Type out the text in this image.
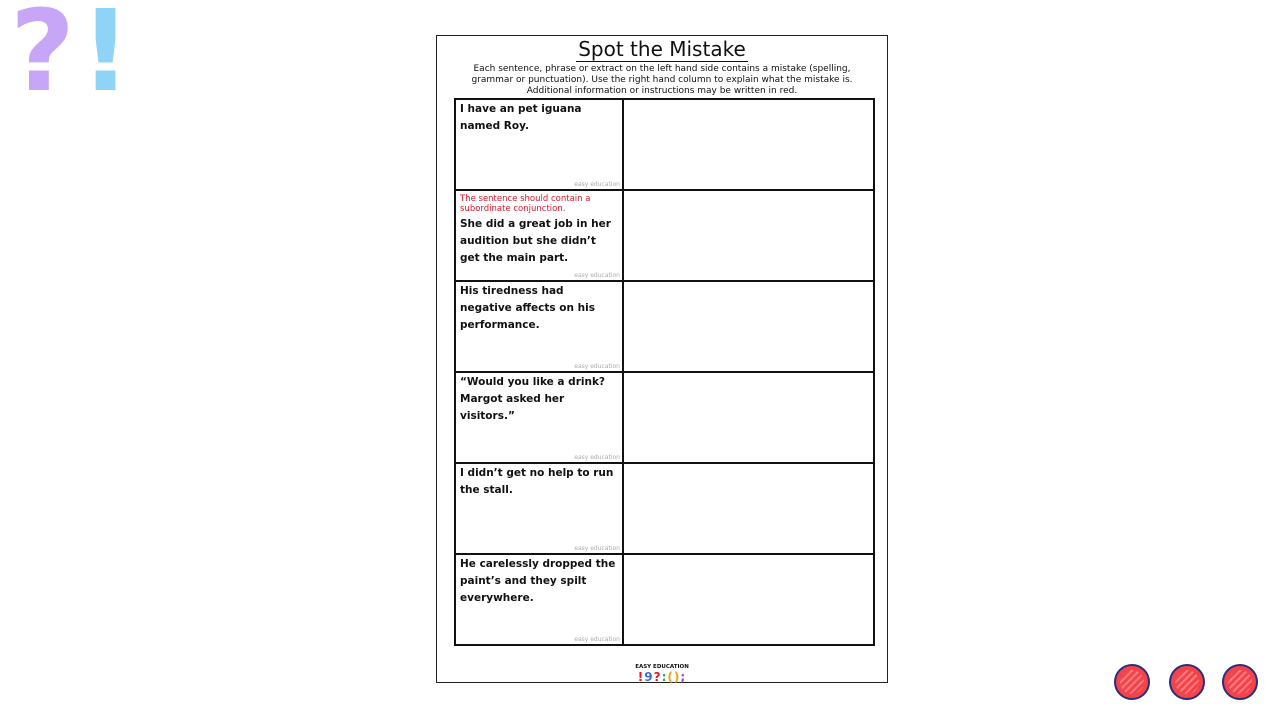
? !	Spot the Mistake
Each sentence, phrase or extract on the left hand side contains a mistake (spelling, grammar or punctuation). Use the right hand column to explain what the mistake is. Additional information or instructions may be written in red.
I have an pet iguana named Roy.
easy education	

The sentence should contain a subordinate conjunction.
She did a great job in her audition but she didn’t get the main part.
easy education	

His tiredness had negative affects on his performance.
easy education	

“Would you like a drink? Margot asked her visitors.”
easy education	

I didn’t get no help to run the stall.
easy education	

He carelessly dropped the paint’s and they spilt everywhere.
easy education	

EASY EDUCATION
!9?:();
